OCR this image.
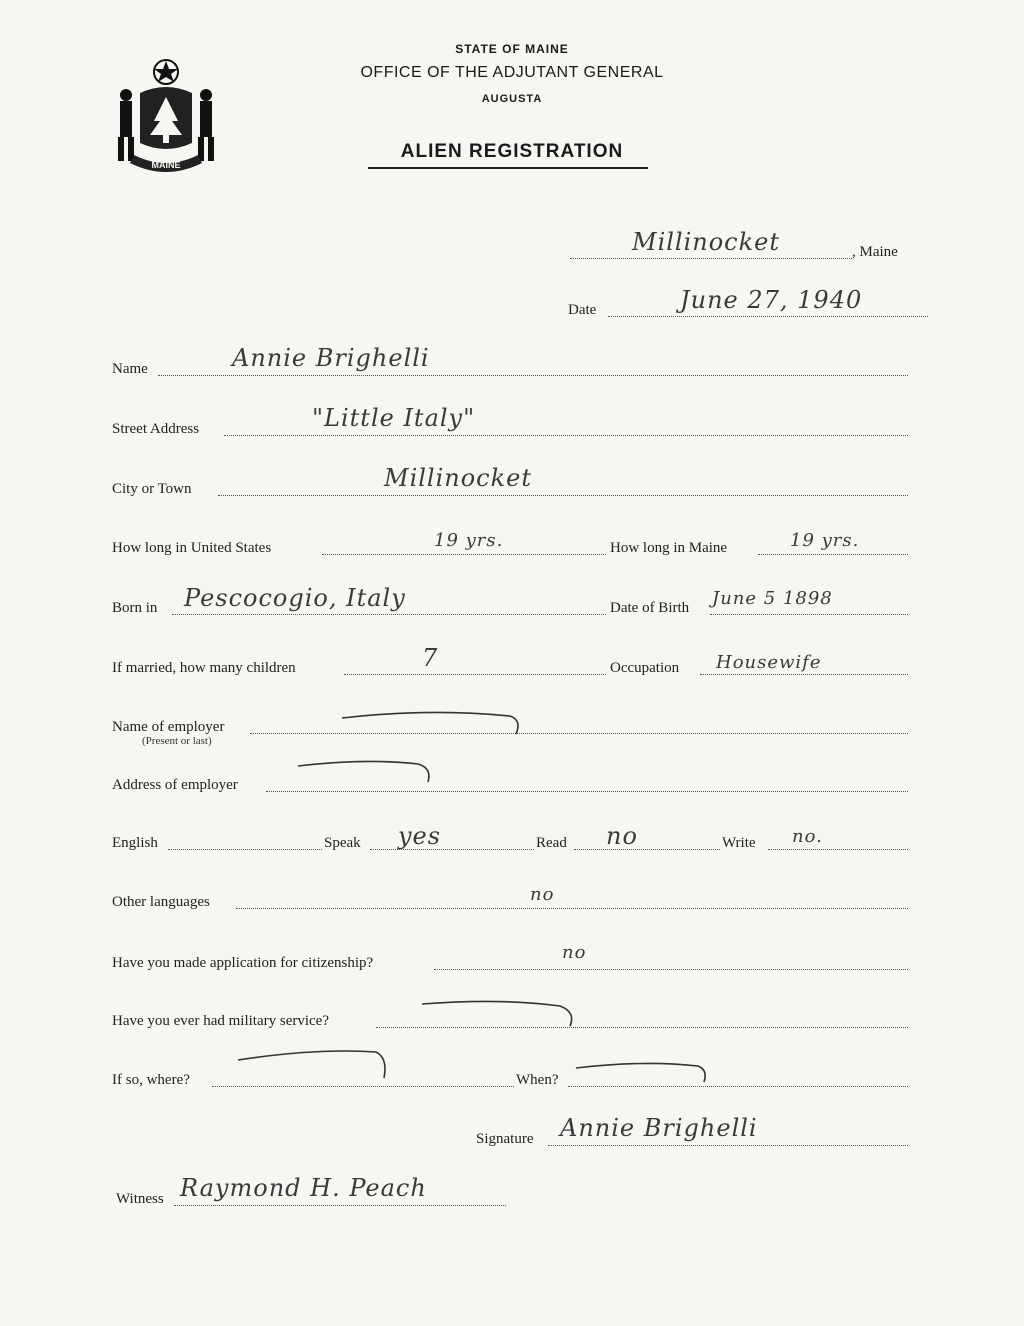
MAINE
STATE OF MAINE
OFFICE OF THE ADJUTANT GENERAL
AUGUSTA
ALIEN REGISTRATION
Millinocket	, Maine
Date	June 27, 1940
Name	Annie Brighelli
Street Address	"Little Italy"
City or Town	Millinocket
How long in United States	19 yrs.	How long in Maine	19 yrs.
Born in Pescocogio, Italy	Date of Birth June 5 1898
If married, how many children	7	Occupation Housewife
Name of employer
(Present or last)
Address of employer
English	Speak yes	Read no	Write no.
Other languages	no
Have you made application for citizenship?	no
Have you ever had military service?
If so, where?	When?
Signature Annie Brighelli
Witness Raymond H. Peach
